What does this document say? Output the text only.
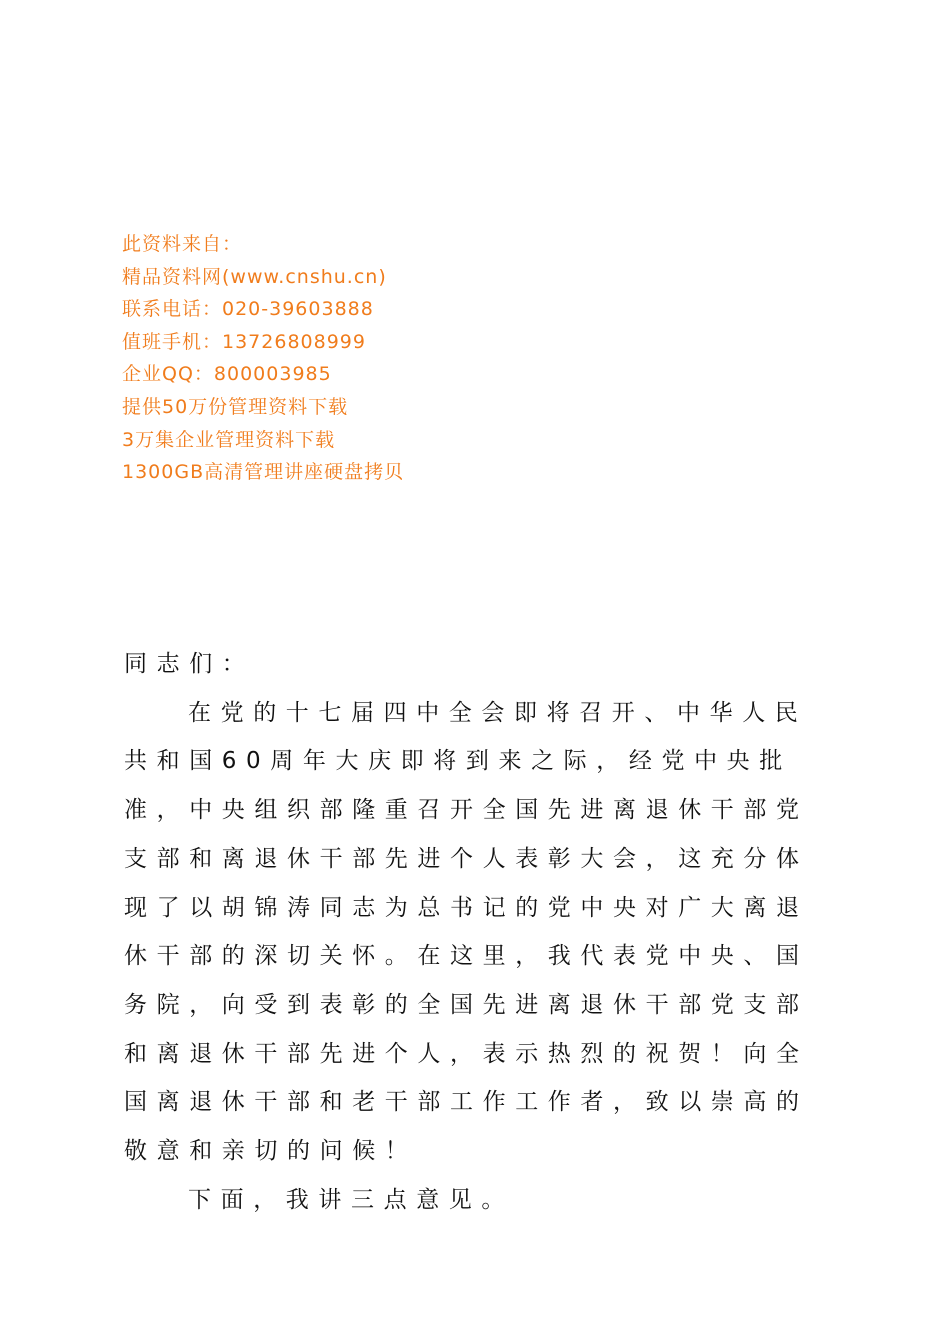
此资料来自：
精品资料网(www.cnshu.cn)
联系电话：020-39603888
值班手机：13726808999
企业QQ：800003985
提供50万份管理资料下载
3万集企业管理资料下载
1300GB高清管理讲座硬盘拷贝

同志们：

在党的十七届四中全会即将召开、中华人民共和国60周年大庆即将到来之际，经党中央批准，中央组织部隆重召开全国先进离退休干部党支部和离退休干部先进个人表彰大会，这充分体现了以胡锦涛同志为总书记的党中央对广大离退休干部的深切关怀。在这里，我代表党中央、国务院，向受到表彰的全国先进离退休干部党支部和离退休干部先进个人，表示热烈的祝贺！向全国离退休干部和老干部工作工作者，致以崇高的敬意和亲切的问候！

下面，我讲三点意见。
